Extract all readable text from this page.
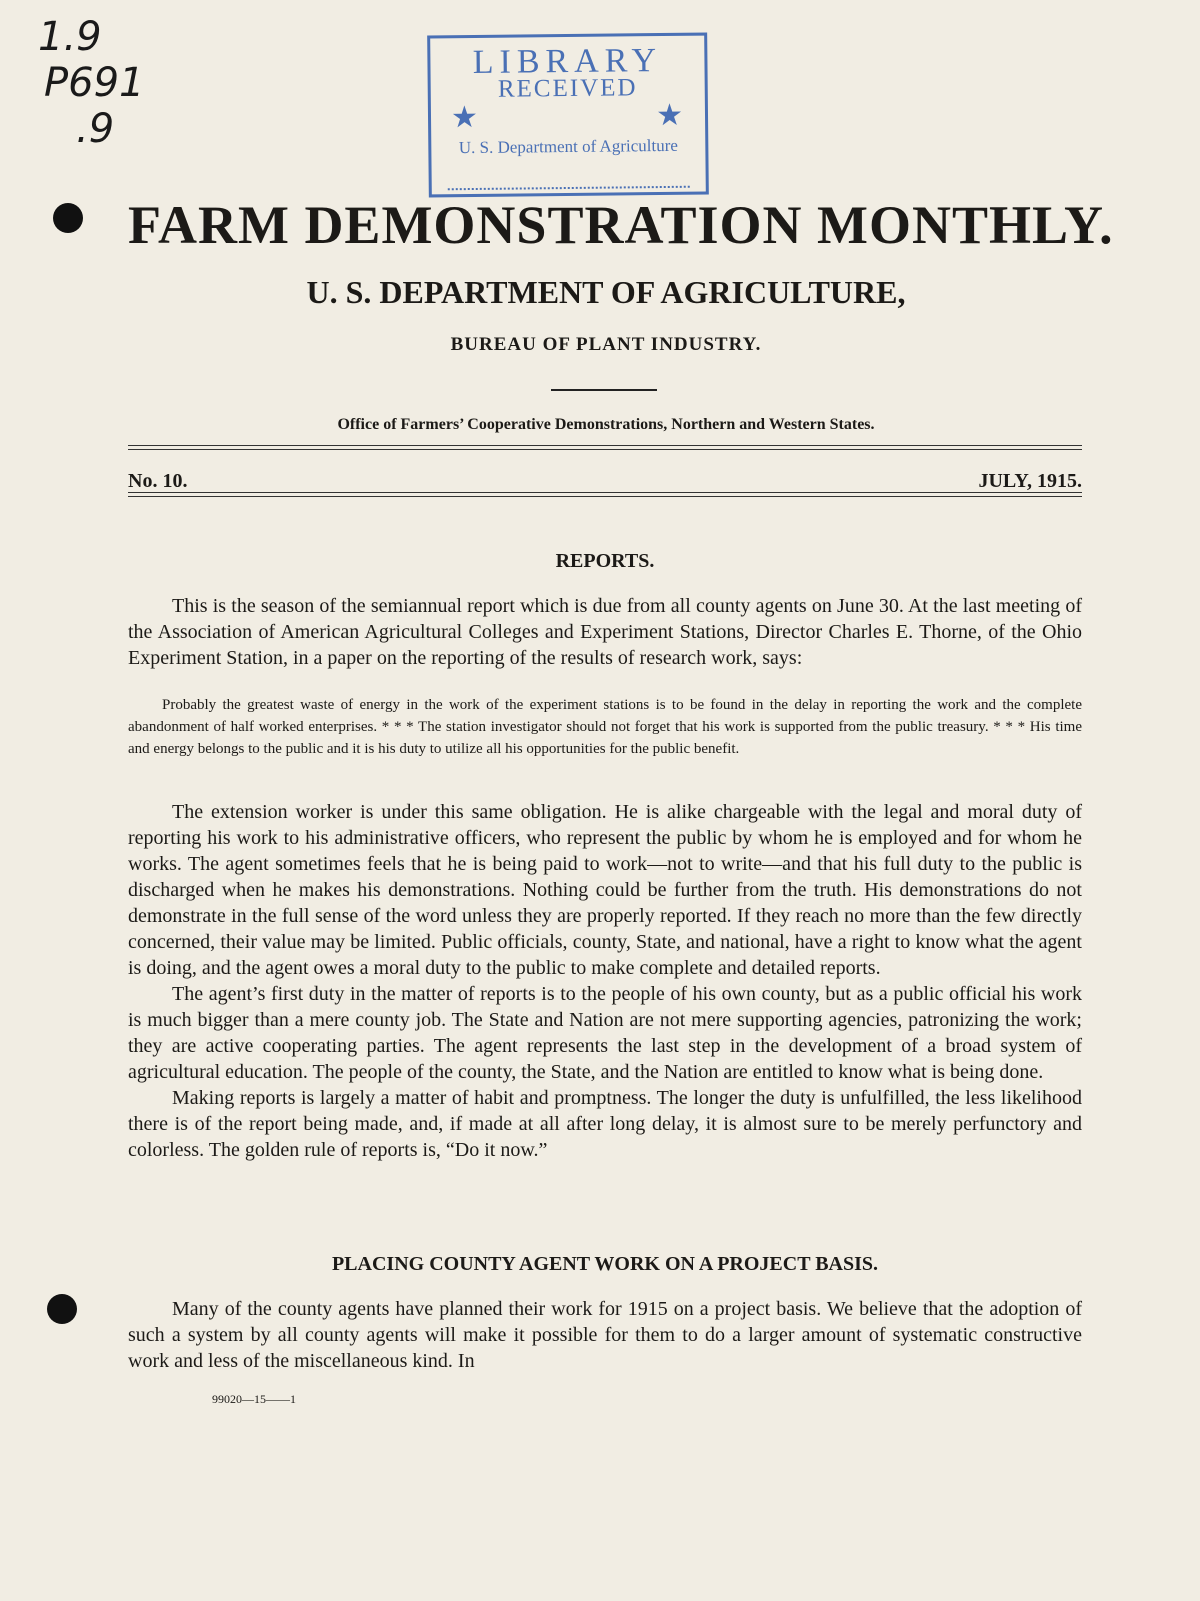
1.9
P691
.9
LIBRARY
RECEIVED
★	★
U. S. Department of Agriculture
FARM DEMONSTRATION MONTHLY.
U. S. DEPARTMENT OF AGRICULTURE,
BUREAU OF PLANT INDUSTRY.
Office of Farmers’ Cooperative Demonstrations, Northern and Western States.
No. 10.	JULY, 1915.
REPORTS.

This is the season of the semiannual report which is due from all county agents on June 30. At the last meeting of the Association of American Agricultural Colleges and Experiment Stations, Director Charles E. Thorne, of the Ohio Experiment Station, in a paper on the reporting of the results of research work, says:

Probably the greatest waste of energy in the work of the experiment stations is to be found in the delay in reporting the work and the complete abandonment of half worked enterprises. * * * The station investigator should not forget that his work is supported from the public treasury. * * * His time and energy belongs to the public and it is his duty to utilize all his opportunities for the public benefit.

The extension worker is under this same obligation. He is alike chargeable with the legal and moral duty of reporting his work to his administrative officers, who represent the public by whom he is employed and for whom he works. The agent sometimes feels that he is being paid to work—not to write—and that his full duty to the public is discharged when he makes his demonstrations. Nothing could be further from the truth. His demonstrations do not demonstrate in the full sense of the word unless they are properly reported. If they reach no more than the few directly concerned, their value may be limited. Public officials, county, State, and national, have a right to know what the agent is doing, and the agent owes a moral duty to the public to make complete and detailed reports.

The agent’s first duty in the matter of reports is to the people of his own county, but as a public official his work is much bigger than a mere county job. The State and Nation are not mere supporting agencies, patronizing the work; they are active cooperating parties. The agent represents the last step in the development of a broad system of agricultural education. The people of the county, the State, and the Nation are entitled to know what is being done.

Making reports is largely a matter of habit and promptness. The longer the duty is unfulfilled, the less likelihood there is of the report being made, and, if made at all after long delay, it is almost sure to be merely perfunctory and colorless. The golden rule of reports is, “Do it now.”

PLACING COUNTY AGENT WORK ON A PROJECT BASIS.

Many of the county agents have planned their work for 1915 on a project basis. We believe that the adoption of such a system by all county agents will make it possible for them to do a larger amount of systematic constructive work and less of the miscellaneous kind. In

99020—15——1
